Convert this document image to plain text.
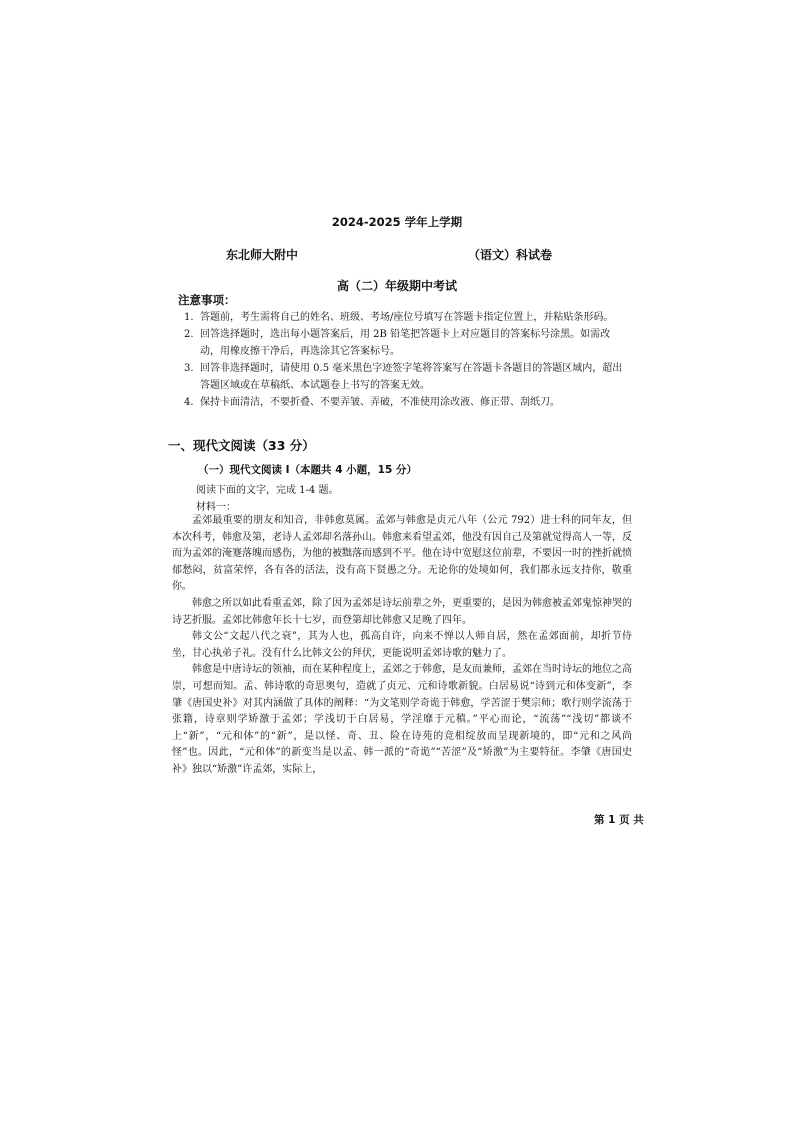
2024-2025 学年上学期
东北师大附中	（语文）科试卷
高（二）年级期中考试
注意事项：
1. 答题前，考生需将自己的姓名、班级、考场/座位号填写在答题卡指定位置上，并粘贴条形码。
2. 回答选择题时，选出每小题答案后，用 2B 铅笔把答题卡上对应题目的答案标号涂黑。如需改动，用橡皮擦干净后，再选涂其它答案标号。
3. 回答非选择题时，请使用 0.5 毫米黑色字迹签字笔将答案写在答题卡各题目的答题区域内，超出答题区域或在草稿纸、本试题卷上书写的答案无效。
4. 保持卡面清洁，不要折叠、不要弄皱、弄破，不准使用涂改液、修正带、刮纸刀。
一、现代文阅读（33 分）
（一）现代文阅读 Ⅰ（本题共 4 小题，15 分）
阅读下面的文字，完成 1-4 题。
材料一：

孟郊最重要的朋友和知音，非韩愈莫属。孟郊与韩愈是贞元八年（公元 792）进士科的同年友，但本次科考，韩愈及第，老诗人孟郊却名落孙山。韩愈来看望孟郊，他没有因自己及第就觉得高人一等，反而为孟郊的淹蹇落魄而感伤，为他的被黜落而感到不平。他在诗中宽慰这位前辈，不要因一时的挫折就愤郁愁闷，贫富荣悴，各有各的活法，没有高下贤愚之分。无论你的处境如何，我们都永远支持你，敬重你。

韩愈之所以如此看重孟郊，除了因为孟郊是诗坛前辈之外，更重要的，是因为韩愈被孟郊鬼惊神哭的诗艺折服。孟郊比韩愈年长十七岁，而登第却比韩愈又足晚了四年。

韩文公“文起八代之衰”，其为人也，孤高自许，向来不惮以人师自居，然在孟郊面前，却折节侍坐，甘心执弟子礼。没有什么比韩文公的拜伏，更能说明孟郊诗歌的魅力了。

韩愈是中唐诗坛的领袖，而在某种程度上，孟郊之于韩愈，是友而兼师，孟郊在当时诗坛的地位之高崇，可想而知。孟、韩诗歌的奇思奥句，造就了贞元、元和诗歌新貌。白居易说“诗到元和体变新”，李肇《唐国史补》对其内涵做了具体的阐释：“为文笔则学奇诡于韩愈，学苦涩于樊宗师；歌行则学流荡于张籍，诗章则学矫激于孟郊；学浅切于白居易，学淫靡于元稹。”平心而论，“流荡”“浅切”都谈不上“新”，“元和体”的“新”，是以怪、奇、丑、险在诗苑的竞相绽放而呈现新境的，即“元和之风尚怪”也。因此，“元和体”的新变当是以孟、韩一派的“奇诡”“苦涩”及“矫激”为主要特征。李肇《唐国史补》独以“矫激”许孟郊，实际上，

第 1 页 共
